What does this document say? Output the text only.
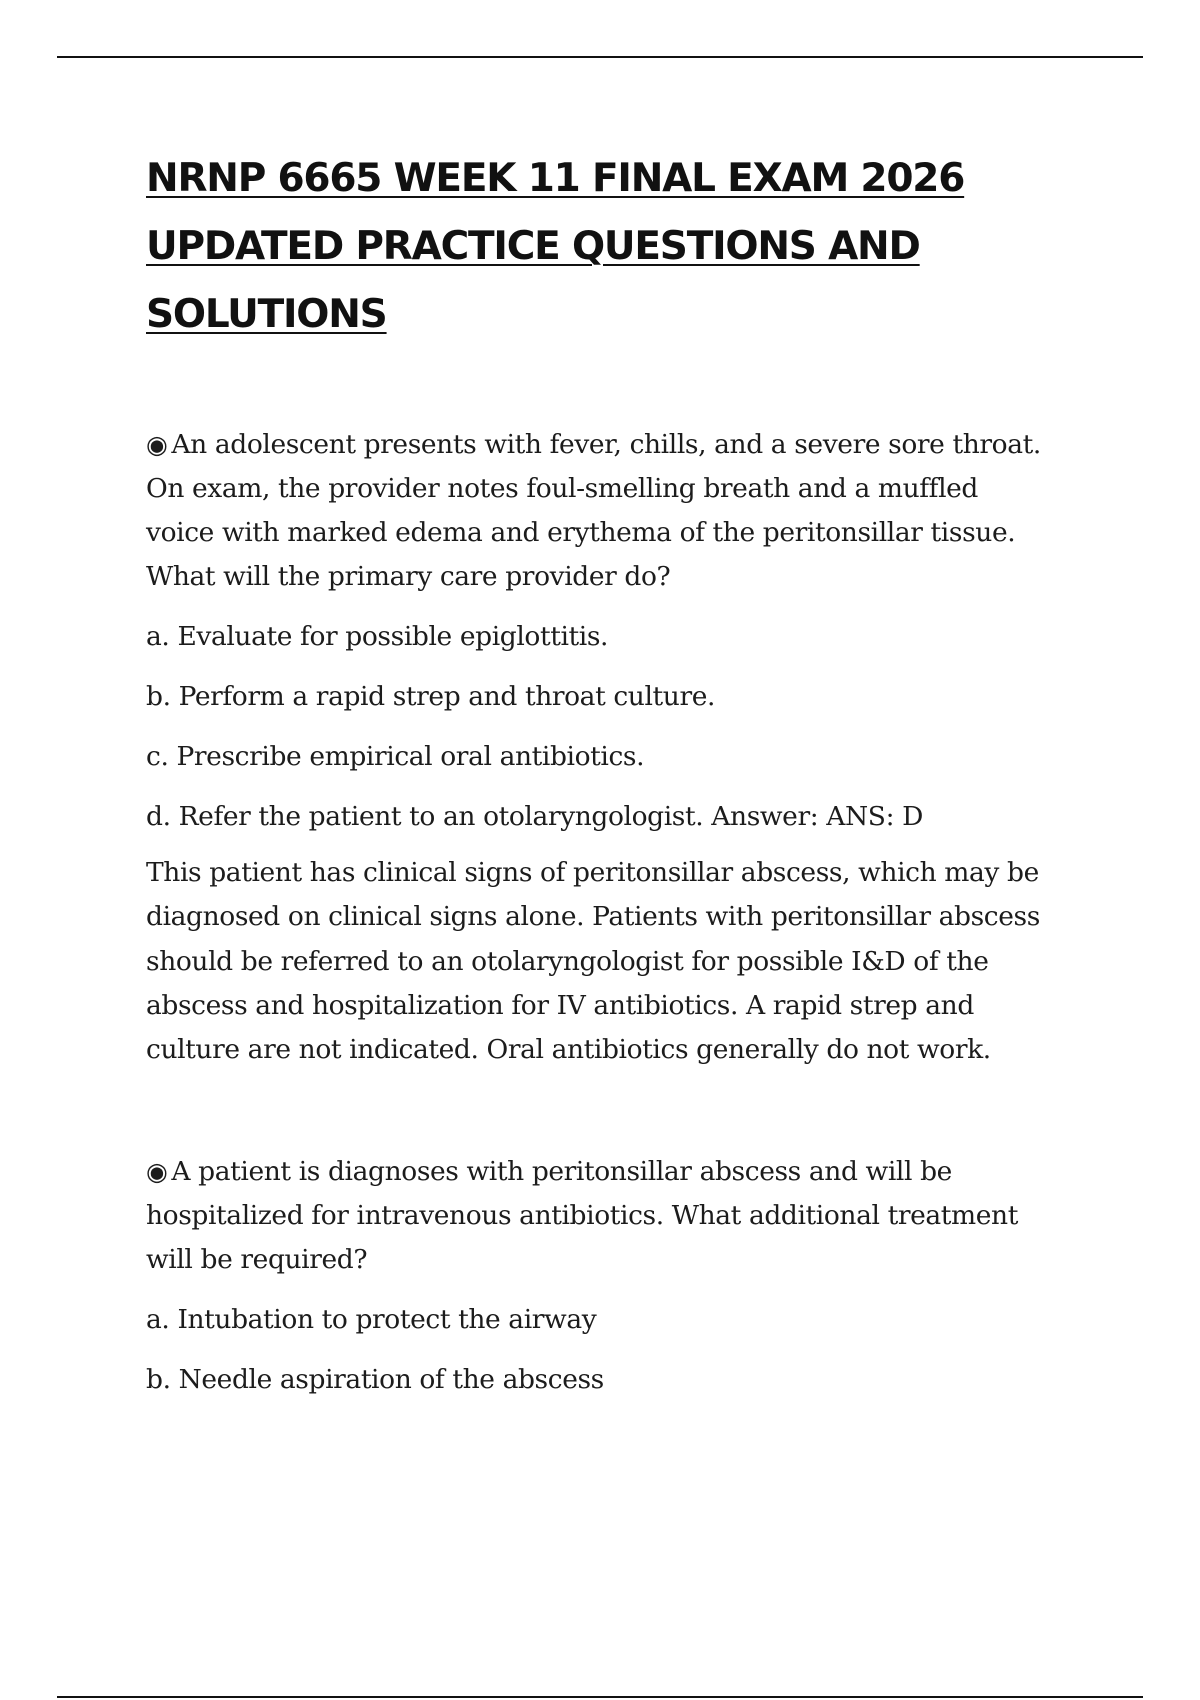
NRNP 6665 WEEK 11 FINAL EXAM 2026
UPDATED PRACTICE QUESTIONS AND
SOLUTIONS

◉ An adolescent presents with fever, chills, and a severe sore throat.
On exam, the provider notes foul-smelling breath and a muffled
voice with marked edema and erythema of the peritonsillar tissue.
What will the primary care provider do?

a. Evaluate for possible epiglottitis.

b. Perform a rapid strep and throat culture.

c. Prescribe empirical oral antibiotics.

d. Refer the patient to an otolaryngologist. Answer: ANS: D

This patient has clinical signs of peritonsillar abscess, which may be
diagnosed on clinical signs alone. Patients with peritonsillar abscess
should be referred to an otolaryngologist for possible I&D of the
abscess and hospitalization for IV antibiotics. A rapid strep and
culture are not indicated. Oral antibiotics generally do not work.

◉ A patient is diagnoses with peritonsillar abscess and will be
hospitalized for intravenous antibiotics. What additional treatment
will be required?

a. Intubation to protect the airway

b. Needle aspiration of the abscess
